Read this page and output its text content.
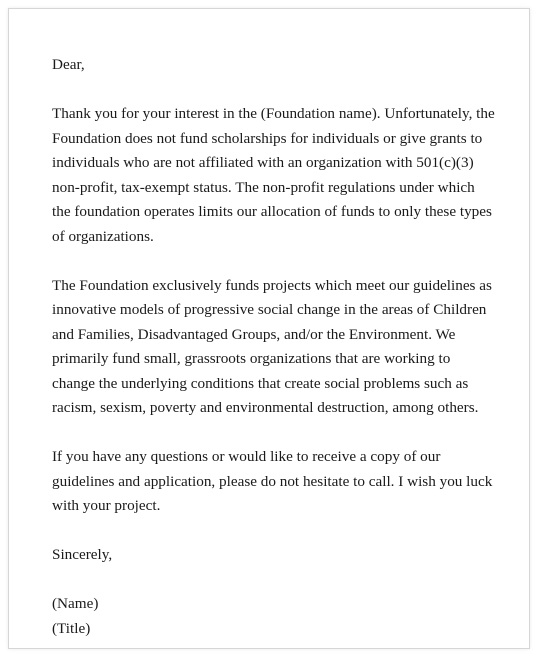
Dear,

Thank you for your interest in the (Foundation name). Unfortunately, the Foundation does not fund scholarships for individuals or give grants to individuals who are not affiliated with an organization with 501(c)(3) non-profit, tax-exempt status. The non-profit regulations under which the foundation operates limits our allocation of funds to only these types of organizations.

The Foundation exclusively funds projects which meet our guidelines as innovative models of progressive social change in the areas of Children and Families, Disadvantaged Groups, and/or the Environment. We primarily fund small, grassroots organizations that are working to change the underlying conditions that create social problems such as racism, sexism, poverty and environmental destruction, among others.

If you have any questions or would like to receive a copy of our guidelines and application, please do not hesitate to call. I wish you luck with your project.

Sincerely,

(Name)

(Title)
